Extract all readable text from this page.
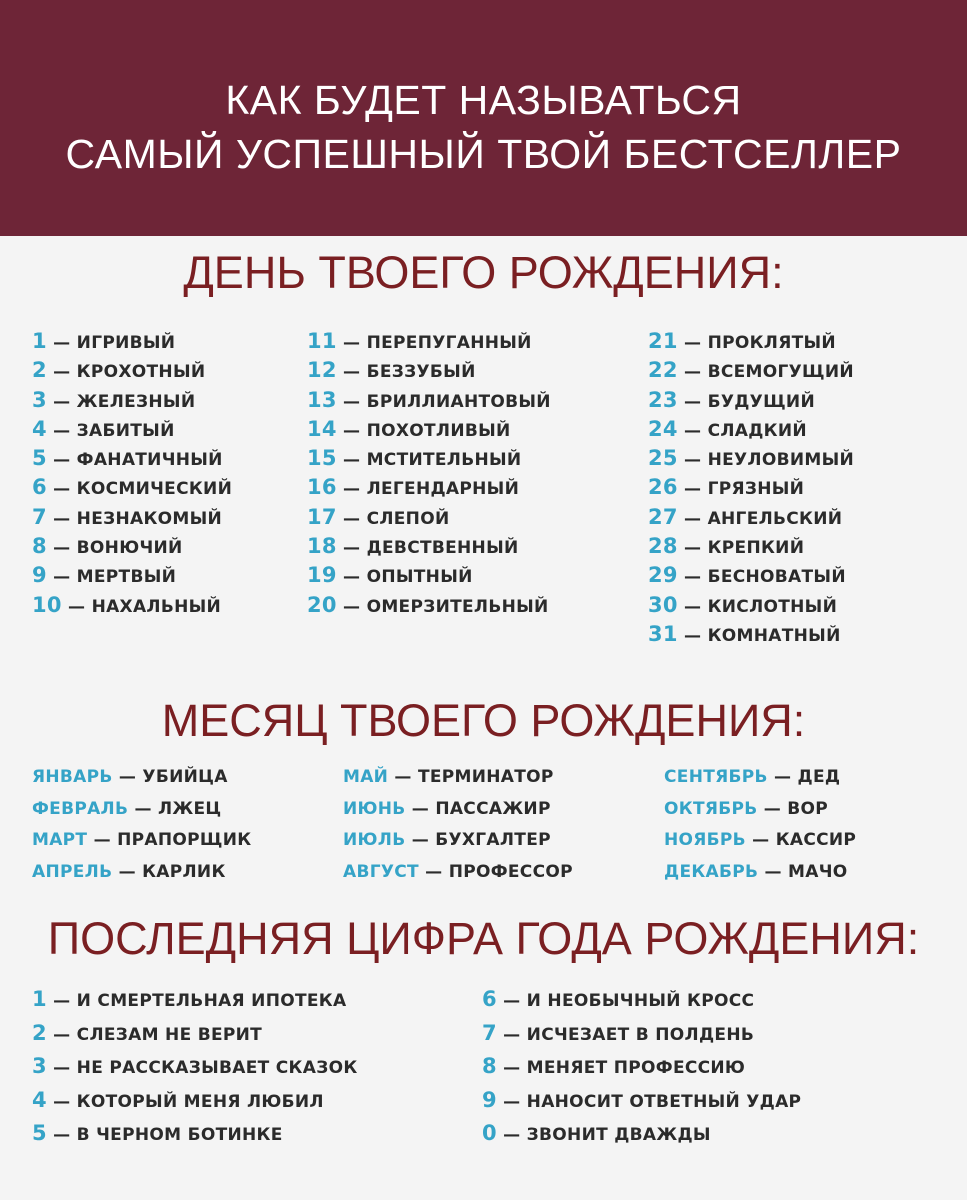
КАК БУДЕТ НАЗЫВАТЬСЯ
САМЫЙ УСПЕШНЫЙ ТВОЙ БЕСТСЕЛЛЕР
ДЕНЬ ТВОЕГО РОЖДЕНИЯ:
МЕСЯЦ ТВОЕГО РОЖДЕНИЯ:
ПОСЛЕДНЯЯ ЦИФРА ГОДА РОЖДЕНИЯ:
1 — ИГРИВЫЙ
2 — КРОХОТНЫЙ
3 — ЖЕЛЕЗНЫЙ
4 — ЗАБИТЫЙ
5 — ФАНАТИЧНЫЙ
6 — КОСМИЧЕСКИЙ
7 — НЕЗНАКОМЫЙ
8 — ВОНЮЧИЙ
9 — МЕРТВЫЙ
10 — НАХАЛЬНЫЙ
11 — ПЕРЕПУГАННЫЙ
12 — БЕЗЗУБЫЙ
13 — БРИЛЛИАНТОВЫЙ
14 — ПОХОТЛИВЫЙ
15 — МСТИТЕЛЬНЫЙ
16 — ЛЕГЕНДАРНЫЙ
17 — СЛЕПОЙ
18 — ДЕВСТВЕННЫЙ
19 — ОПЫТНЫЙ
20 — ОМЕРЗИТЕЛЬНЫЙ
21 — ПРОКЛЯТЫЙ
22 — ВСЕМОГУЩИЙ
23 — БУДУЩИЙ
24 — СЛАДКИЙ
25 — НЕУЛОВИМЫЙ
26 — ГРЯЗНЫЙ
27 — АНГЕЛЬСКИЙ
28 — КРЕПКИЙ
29 — БЕСНОВАТЫЙ
30 — КИСЛОТНЫЙ
31 — КОМНАТНЫЙ
ЯНВАРЬ — УБИЙЦА
ФЕВРАЛЬ — ЛЖЕЦ
МАРТ — ПРАПОРЩИК
АПРЕЛЬ — КАРЛИК
МАЙ — ТЕРМИНАТОР
ИЮНЬ — ПАССАЖИР
ИЮЛЬ — БУХГАЛТЕР
АВГУСТ — ПРОФЕССОР
СЕНТЯБРЬ — ДЕД
ОКТЯБРЬ — ВОР
НОЯБРЬ — КАССИР
ДЕКАБРЬ — МАЧО
1 — И СМЕРТЕЛЬНАЯ ИПОТЕКА
2 — СЛЕЗАМ НЕ ВЕРИТ
3 — НЕ РАССКАЗЫВАЕТ СКАЗОК
4 — КОТОРЫЙ МЕНЯ ЛЮБИЛ
5 — В ЧЕРНОМ БОТИНКЕ
6 — И НЕОБЫЧНЫЙ КРОСС
7 — ИСЧЕЗАЕТ В ПОЛДЕНЬ
8 — МЕНЯЕТ ПРОФЕССИЮ
9 — НАНОСИТ ОТВЕТНЫЙ УДАР
0 — ЗВОНИТ ДВАЖДЫ
